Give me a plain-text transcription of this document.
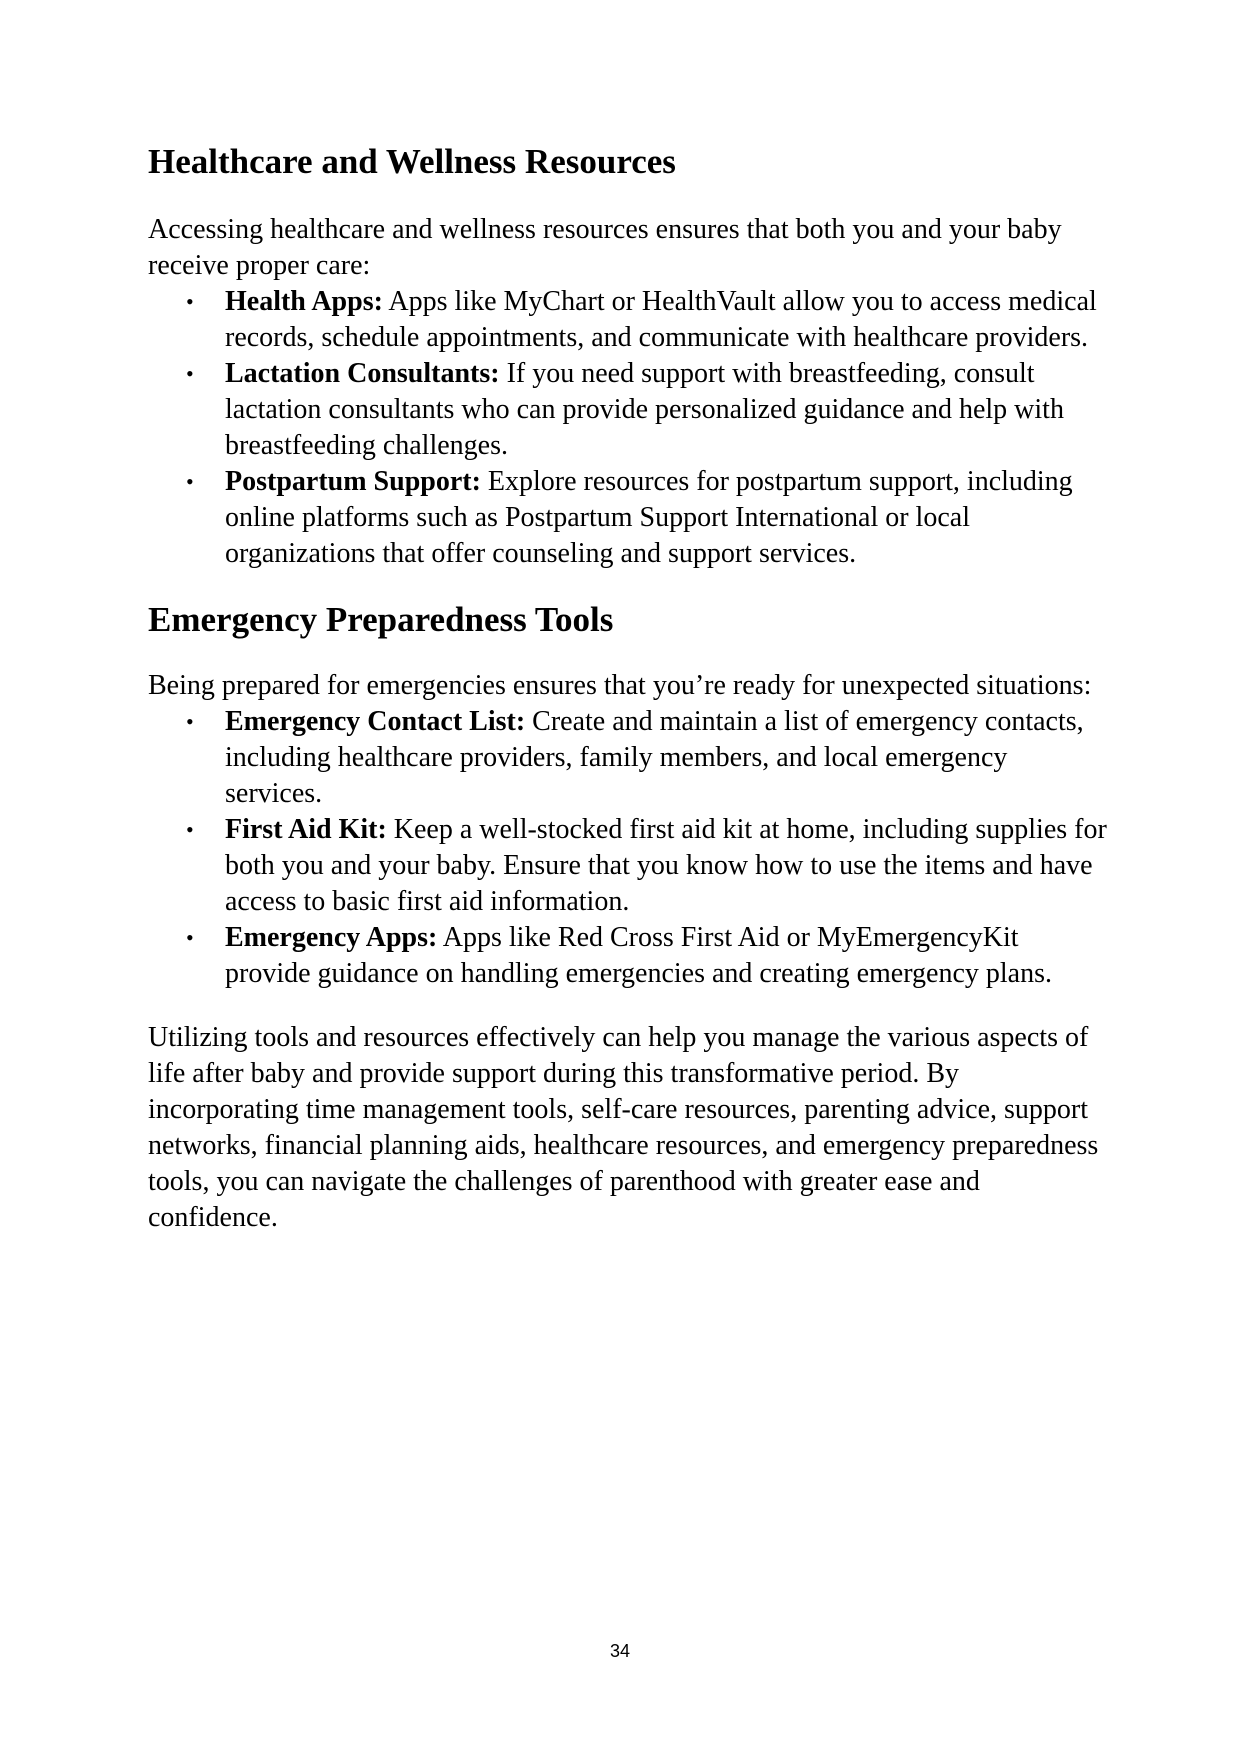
Healthcare and Wellness Resources

Accessing healthcare and wellness resources ensures that both you and your baby receive proper care:

• Health Apps: Apps like MyChart or HealthVault allow you to access medical records, schedule appointments, and communicate with healthcare providers.
• Lactation Consultants: If you need support with breastfeeding, consult lactation consultants who can provide personalized guidance and help with breastfeeding challenges.
• Postpartum Support: Explore resources for postpartum support, including online platforms such as Postpartum Support International or local organizations that offer counseling and support services.
Emergency Preparedness Tools

Being prepared for emergencies ensures that you’re ready for unexpected situations:

• Emergency Contact List: Create and maintain a list of emergency contacts, including healthcare providers, family members, and local emergency services.
• First Aid Kit: Keep a well-stocked first aid kit at home, including supplies for both you and your baby. Ensure that you know how to use the items and have access to basic first aid information.
• Emergency Apps: Apps like Red Cross First Aid or MyEmergencyKit provide guidance on handling emergencies and creating emergency plans.

Utilizing tools and resources effectively can help you manage the various aspects of life after baby and provide support during this transformative period. By incorporating time management tools, self-care resources, parenting advice, support networks, financial planning aids, healthcare resources, and emergency preparedness tools, you can navigate the challenges of parenthood with greater ease and confidence.

34
